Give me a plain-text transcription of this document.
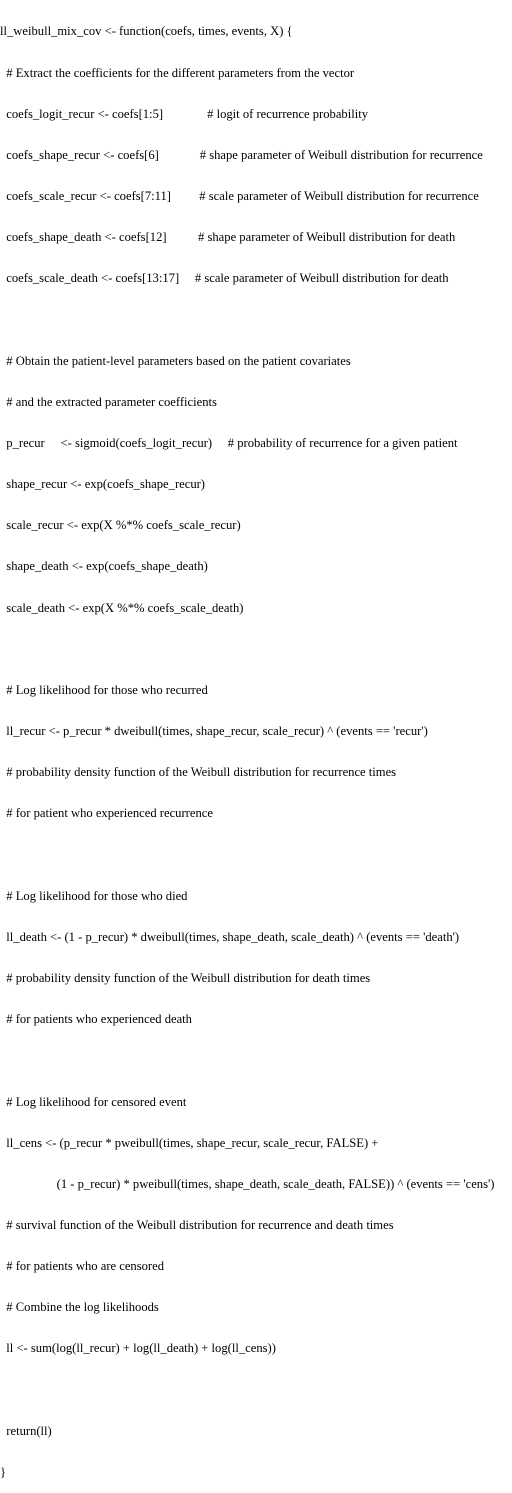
ll_weibull_mix_cov <- function(coefs, times, events, X) {

# Extract the coefficients for the different parameters from the vector

coefs_logit_recur <- coefs[1:5]              # logit of recurrence probability

coefs_shape_recur <- coefs[6]             # shape parameter of Weibull distribution for recurrence

coefs_scale_recur <- coefs[7:11]         # scale parameter of Weibull distribution for recurrence

coefs_shape_death <- coefs[12]          # shape parameter of Weibull distribution for death

coefs_scale_death <- coefs[13:17]     # scale parameter of Weibull distribution for death

# Obtain the patient-level parameters based on the patient covariates

# and the extracted parameter coefficients

p_recur     <- sigmoid(coefs_logit_recur)     # probability of recurrence for a given patient

shape_recur <- exp(coefs_shape_recur)

scale_recur <- exp(X %*% coefs_scale_recur)

shape_death <- exp(coefs_shape_death)

scale_death <- exp(X %*% coefs_scale_death)

# Log likelihood for those who recurred

ll_recur <- p_recur * dweibull(times, shape_recur, scale_recur) ^ (events == 'recur')

# probability density function of the Weibull distribution for recurrence times

# for patient who experienced recurrence

# Log likelihood for those who died

ll_death <- (1 - p_recur) * dweibull(times, shape_death, scale_death) ^ (events == 'death')

# probability density function of the Weibull distribution for death times

# for patients who experienced death

# Log likelihood for censored event

ll_cens <- (p_recur * pweibull(times, shape_recur, scale_recur, FALSE) +

(1 - p_recur) * pweibull(times, shape_death, scale_death, FALSE)) ^ (events == 'cens')

# survival function of the Weibull distribution for recurrence and death times

# for patients who are censored

# Combine the log likelihoods

ll <- sum(log(ll_recur) + log(ll_death) + log(ll_cens))

return(ll)

}
